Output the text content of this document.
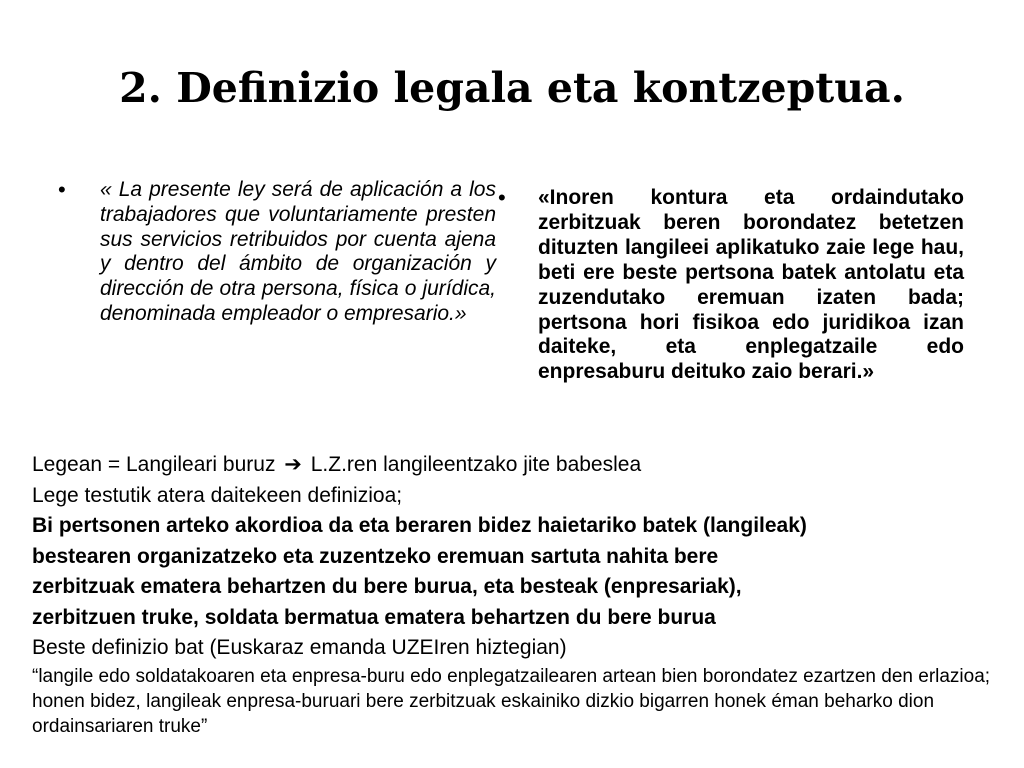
2. Definizio legala eta kontzeptua.
•	« La presente ley será de aplicación a los trabajadores que voluntariamente presten sus servicios retribuidos por cuenta ajena y dentro del ámbito de organización y dirección de otra persona, física o jurídica, denominada empleador o empresario.»

•	«Inoren kontura eta ordaindutako zerbitzuak beren borondatez betetzen dituzten langileei aplikatuko zaie lege hau, beti ere beste pertsona batek antolatu eta zuzendutako eremuan izaten bada; pertsona hori fisikoa edo juridikoa izan daiteke, eta enplegatzaile edo enpresaburu deituko zaio berari.»

Legean = Langileari buruz ➔ L.Z.ren langileentzako jite babeslea

Lege testutik atera daitekeen definizioa;

Bi pertsonen arteko akordioa da eta beraren bidez haietariko batek (langileak)

bestearen organizatzeko eta zuzentzeko eremuan sartuta nahita bere

zerbitzuak ematera behartzen du bere burua, eta besteak (enpresariak),

zerbitzuen truke, soldata bermatua ematera behartzen du bere burua

Beste definizio bat (Euskaraz emanda UZEIren hiztegian)

“langile edo soldatakoaren eta enpresa-buru edo enplegatzailearen artean bien borondatez ezartzen den erlazioa; honen bidez, langileak enpresa-buruari bere zerbitzuak eskainiko dizkio bigarren honek éman beharko dion ordainsariaren truke”
